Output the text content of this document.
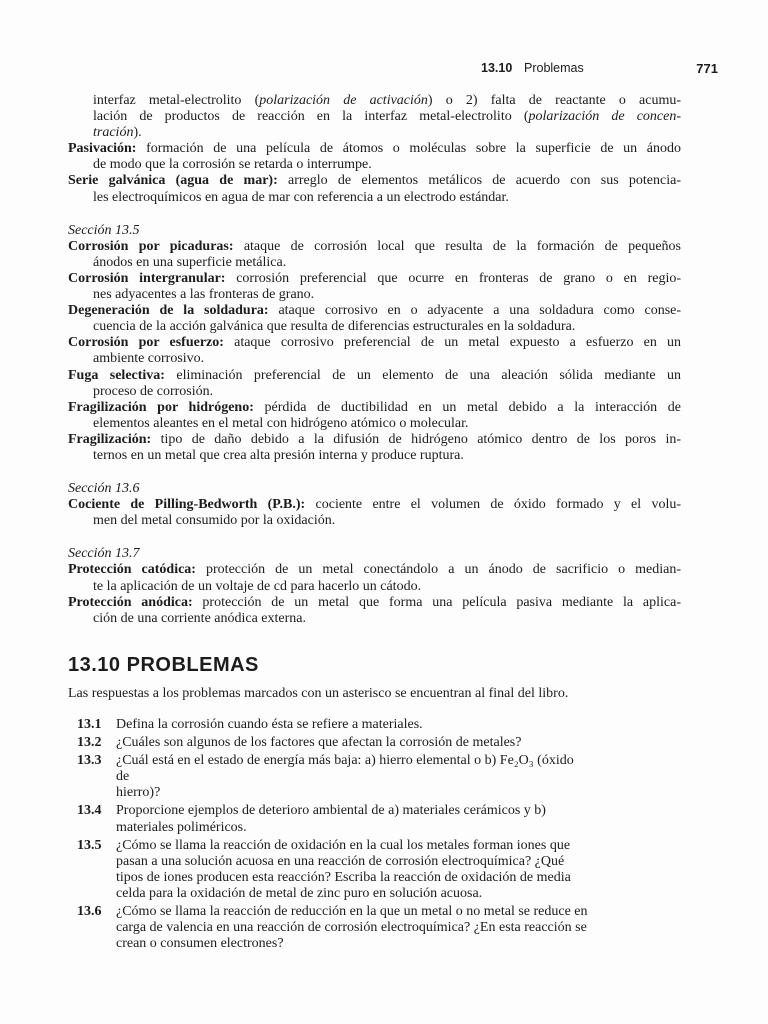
13.10 Problemas	771

interfaz metal-electrolito (polarización de activación) o 2) falta de reactante o acumu-
lación de productos de reacción en la interfaz metal-electrolito (polarización de concen-
tración).

Pasivación: formación de una película de átomos o moléculas sobre la superficie de un ánodo
de modo que la corrosión se retarda o interrumpe.

Serie galvánica (agua de mar): arreglo de elementos metálicos de acuerdo con sus potencia-
les electroquímicos en agua de mar con referencia a un electrodo estándar.

Sección 13.5

Corrosión por picaduras: ataque de corrosión local que resulta de la formación de pequeños
ánodos en una superficie metálica.

Corrosión intergranular: corrosión preferencial que ocurre en fronteras de grano o en regio-
nes adyacentes a las fronteras de grano.

Degeneración de la soldadura: ataque corrosivo en o adyacente a una soldadura como conse-
cuencia de la acción galvánica que resulta de diferencias estructurales en la soldadura.

Corrosión por esfuerzo: ataque corrosivo preferencial de un metal expuesto a esfuerzo en un
ambiente corrosivo.

Fuga selectiva: eliminación preferencial de un elemento de una aleación sólida mediante un
proceso de corrosión.

Fragilización por hidrógeno: pérdida de ductibilidad en un metal debido a la interacción de
elementos aleantes en el metal con hidrógeno atómico o molecular.

Fragilización: tipo de daño debido a la difusión de hidrógeno atómico dentro de los poros in-
ternos en un metal que crea alta presión interna y produce ruptura.

Sección 13.6

Cociente de Pilling-Bedworth (P.B.): cociente entre el volumen de óxido formado y el volu-
men del metal consumido por la oxidación.

Sección 13.7

Protección catódica: protección de un metal conectándolo a un ánodo de sacrificio o median-
te la aplicación de un voltaje de cd para hacerlo un cátodo.

Protección anódica: protección de un metal que forma una película pasiva mediante la aplica-
ción de una corriente anódica externa.

13.10 PROBLEMAS

Las respuestas a los problemas marcados con un asterisco se encuentran al final del libro.

13.1	Defina la corrosión cuando ésta se refiere a materiales.
13.2	¿Cuáles son algunos de los factores que afectan la corrosión de metales?
13.3	¿Cuál está en el estado de energía más baja: a) hierro elemental o b) Fe₂O₃ (óxido de
hierro)?
13.4	Proporcione ejemplos de deterioro ambiental de a) materiales cerámicos y b)
materiales poliméricos.
13.5	¿Cómo se llama la reacción de oxidación en la cual los metales forman iones que
pasan a una solución acuosa en una reacción de corrosión electroquímica? ¿Qué
tipos de iones producen esta reacción? Escriba la reacción de oxidación de media
celda para la oxidación de metal de zinc puro en solución acuosa.
13.6	¿Cómo se llama la reacción de reducción en la que un metal o no metal se reduce en
carga de valencia en una reacción de corrosión electroquímica? ¿En esta reacción se
crean o consumen electrones?
